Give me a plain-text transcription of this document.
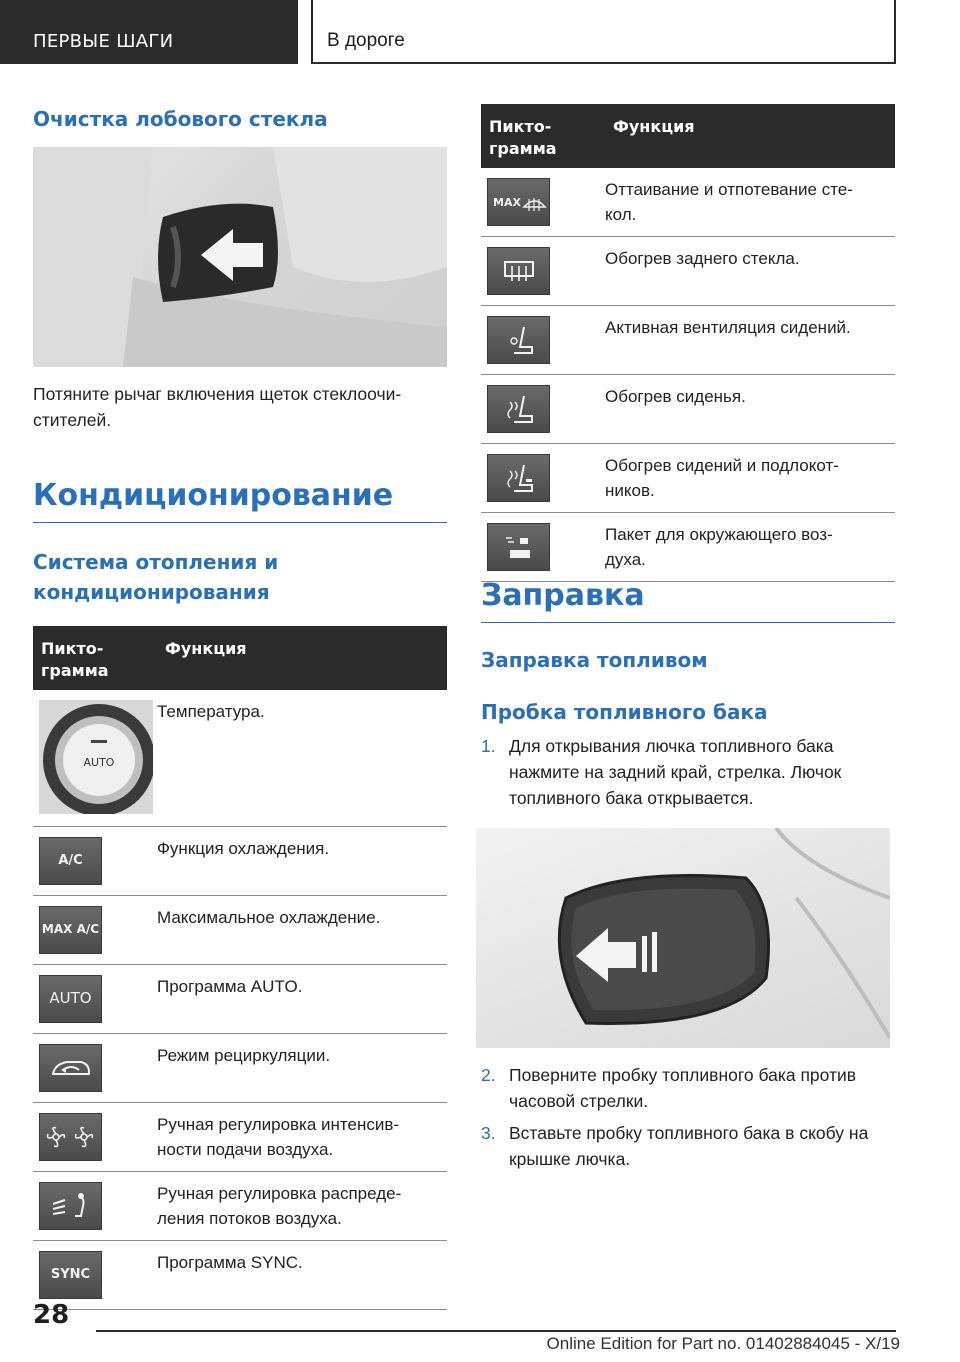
ПЕРВЫЕ ШАГИ	В дороге
Очистка лобового стекла
Потяните рычаг включения щеток стеклоочи-
стителей.
Кондиционирование
Система отопления и кондиционирования
Пикто-
грамма	Функция

AUTO	Температура.

A/C	Функция охлаждения.

MAX A/C	Максимальное охлаждение.

AUTO	Программа AUTO.

	Режим рециркуляции.

	Ручная регулировка интенсив-
ности подачи воздуха.

	Ручная регулировка распреде-
ления потоков воздуха.

SYNC	Программа SYNC.
Пикто-
грамма	Функция

MAX	Оттаивание и отпотевание сте-
кол.

	Обогрев заднего стекла.

	Активная вентиляция сидений.

	Обогрев сиденья.

	Обогрев сидений и подлокот-
ников.

	Пакет для окружающего воз-
духа.
Заправка
Заправка топливом
Пробка топливного бака
1. Для открывания лючка топливного бака нажмите на задний край, стрелка. Лючок топливного бака открывается.
2. Поверните пробку топливного бака против часовой стрелки.
3. Вставьте пробку топливного бака в скобу на крышке лючка.
28
Online Edition for Part no. 01402884045 - X/19
